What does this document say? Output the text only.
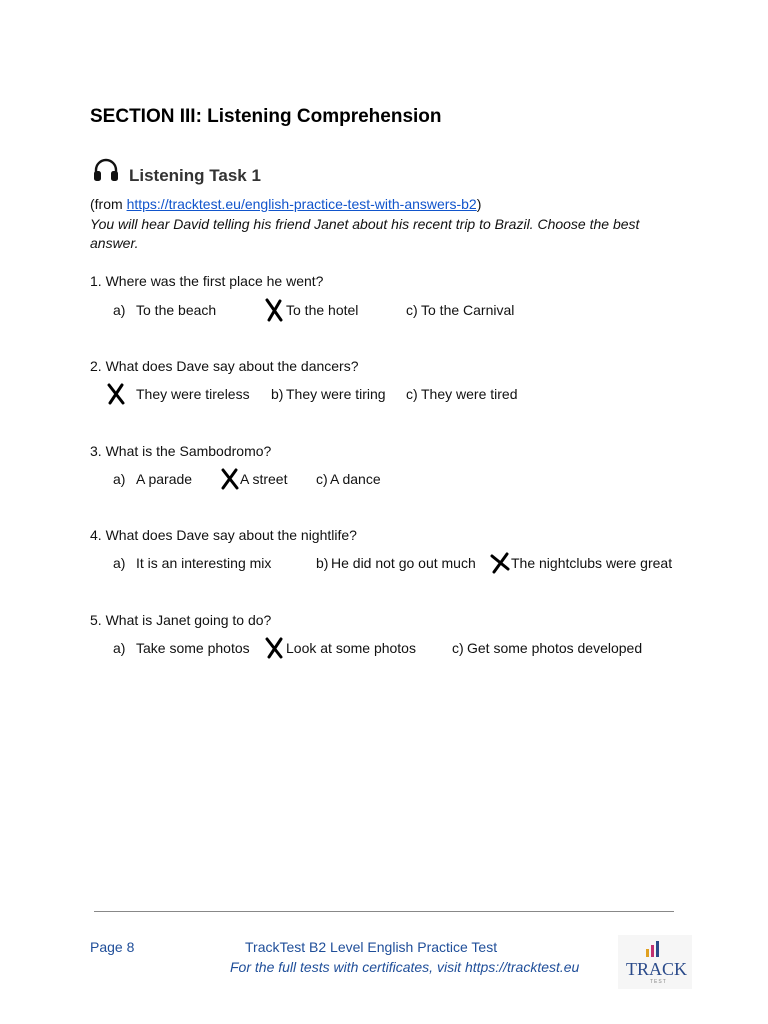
SECTION III: Listening Comprehension
Listening Task 1
(from https://tracktest.eu/english-practice-test-with-answers-b2)
You will hear David telling his friend Janet about his recent trip to Brazil. Choose the best answer.
1. Where was the first place he went?
a) To the beach	To the hotel	c) To the Carnival
2. What does Dave say about the dancers?
They were tireless b) They were tiring c) They were tired
3. What is the Sambodromo?
a) A parade	A street c) A dance
4. What does Dave say about the nightlife?
a) It is an interesting mix	b) He did not go out much	The nightclubs were great
5. What is Janet going to do?
a) Take some photos	Look at some photos	c) Get some photos developed
Page 8	TrackTest B2 Level English Practice Test
For the full tests with certificates, visit https://tracktest.eu	TRACK
TEST
